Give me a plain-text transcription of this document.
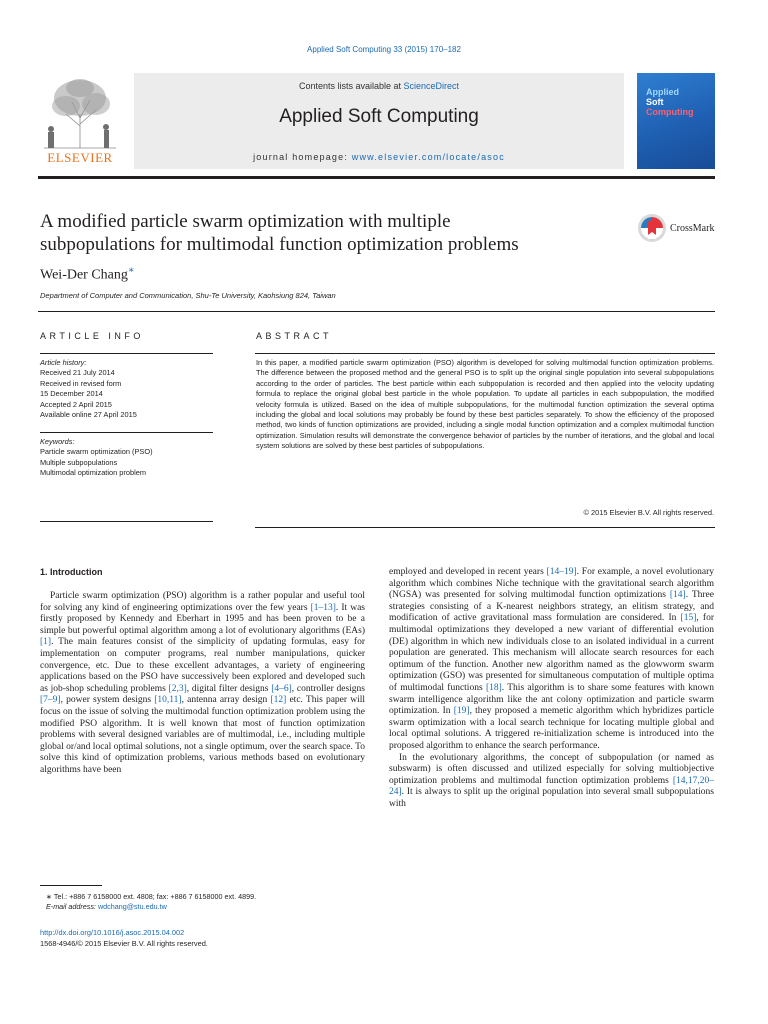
Applied Soft Computing 33 (2015) 170–182
ELSEVIER
Contents lists available at ScienceDirect
Applied Soft Computing
journal homepage: www.elsevier.com/locate/asoc
Applied
Soft
Computing
A modified particle swarm optimization with multiple
subpopulations for multimodal function optimization problems
CrossMark
Wei-Der Chang∗
Department of Computer and Communication, Shu-Te University, Kaohsiung 824, Taiwan
ARTICLE INFO	ABSTRACT
Article history:
Received 21 July 2014
Received in revised form
15 December 2014
Accepted 2 April 2015
Available online 27 April 2015
Keywords:
Particle swarm optimization (PSO)
Multiple subpopulations
Multimodal optimization problem

In this paper, a modified particle swarm optimization (PSO) algorithm is developed for solving multimodal function optimization problems. The difference between the proposed method and the general PSO is to split up the original single population into several subpopulations according to the order of particles. The best particle within each subpopulation is recorded and then applied into the velocity updating formula to replace the original global best particle in the whole population. To update all particles in each subpopulation, the modified velocity formula is utilized. Based on the idea of multiple subpopulations, for the multimodal function optimization the several optima including the global and local solutions may probably be found by these best particles separately. To show the efficiency of the proposed method, two kinds of function optimizations are provided, including a single modal function optimization and a complex multimodal function optimization. Simulation results will demonstrate the convergence behavior of particles by the number of iterations, and the global and local system solutions are solved by these best particles of subpopulations.

© 2015 Elsevier B.V. All rights reserved.
1. Introduction

Particle swarm optimization (PSO) algorithm is a rather popular and useful tool for solving any kind of engineering optimizations over the few years [1–13]. It was firstly proposed by Kennedy and Eberhart in 1995 and has been proven to be a simple but powerful optimal algorithm among a lot of evolutionary algorithms (EAs) [1]. The main features consist of the simplicity of updating formulas, easy for implementation on computer programs, real number manipulations, quicker convergence, etc. Due to these excellent advantages, a variety of engineering applications based on the PSO have successively been explored and developed such as job-shop scheduling problems [2,3], digital filter designs [4–6], controller designs [7–9], power system designs [10,11], antenna array design [12] etc. This paper will focus on the issue of solving the multimodal function optimization problem using the modified PSO algorithm. It is well known that most of function optimization problems with several designed variables are of multimodal, i.e., including multiple global or/and local optimal solutions, not a single optimum, over the search space. To solve this kind of optimization problems, various methods based on evolutionary algorithms have been

employed and developed in recent years [14–19]. For example, a novel evolutionary algorithm which combines Niche technique with the gravitational search algorithm (NGSA) was presented for solving multimodal function optimizations [14]. Three strategies consisting of a K-nearest neighbors strategy, an elitism strategy, and modification of active gravitational mass formulation are considered. In [15], for multimodal optimizations they developed a new variant of differential evolution (DE) algorithm in which new individuals close to an isolated individual in a current population are generated. This mechanism will allocate search resources for each optimum of the function. Another new algorithm named as the glowworm swarm optimization (GSO) was presented for simultaneous computation of multiple optima of multimodal functions [18]. This algorithm is to share some features with known swarm intelligence algorithm like the ant colony optimization and particle swarm optimization. In [19], they proposed a memetic algorithm which hybridizes particle swarm optimization with a local search technique for locating multiple global and local optimal solutions. A triggered re-initialization scheme is introduced into the proposed algorithm to enhance the search performance.

In the evolutionary algorithms, the concept of subpopulation (or named as subswarm) is often discussed and utilized especially for solving multiobjective optimization problems and multimodal function optimization problems [14,17,20–24]. It is always to split up the original population into several small subpopulations with

∗ Tel.: +886 7 6158000 ext. 4808; fax: +886 7 6158000 ext. 4899.
E-mail address: wdchang@stu.edu.tw
http://dx.doi.org/10.1016/j.asoc.2015.04.002
1568-4946/© 2015 Elsevier B.V. All rights reserved.
